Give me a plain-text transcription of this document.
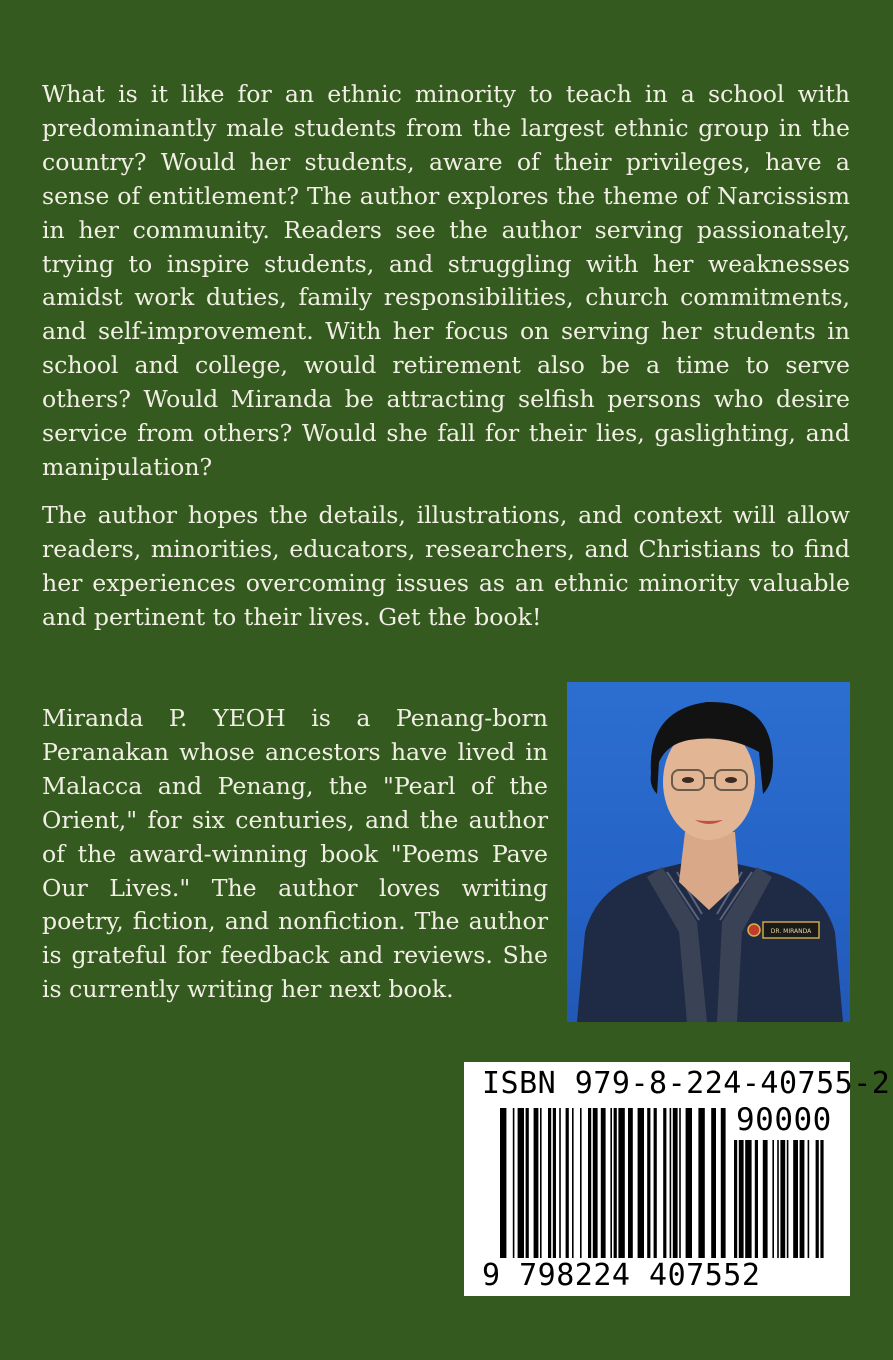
What is it like for an ethnic minority to teach in a school with predominantly male students from the largest ethnic group in the country? Would her students, aware of their privileges, have a sense of entitlement? The author explores the theme of Narcissism in her community. Readers see the author serving passionately, trying to inspire students, and struggling with her weaknesses amidst work duties, family responsibilities, church commitments, and self-improvement. With her focus on serving her students in school and college, would retirement also be a time to serve others? Would Miranda be attracting selfish persons who desire service from others? Would she fall for their lies, gaslighting, and manipulation?

The author hopes the details, illustrations, and context will allow readers, minorities, educators, researchers, and Christians to find her experiences overcoming issues as an ethnic minority valuable and pertinent to their lives. Get the book!

Miranda P. YEOH is a Penang-born Peranakan whose ancestors have lived in Malacca and Penang, the "Pearl of the Orient," for six centuries, and the author of the award-winning book "Poems Pave Our Lives." The author loves writing poetry, fiction, and nonfiction. The author is grateful for feedback and reviews. She is currently writing her next book.

DR. MIRANDA
ISBN 979-8-224-40755-2
90000
9 798224 407552
